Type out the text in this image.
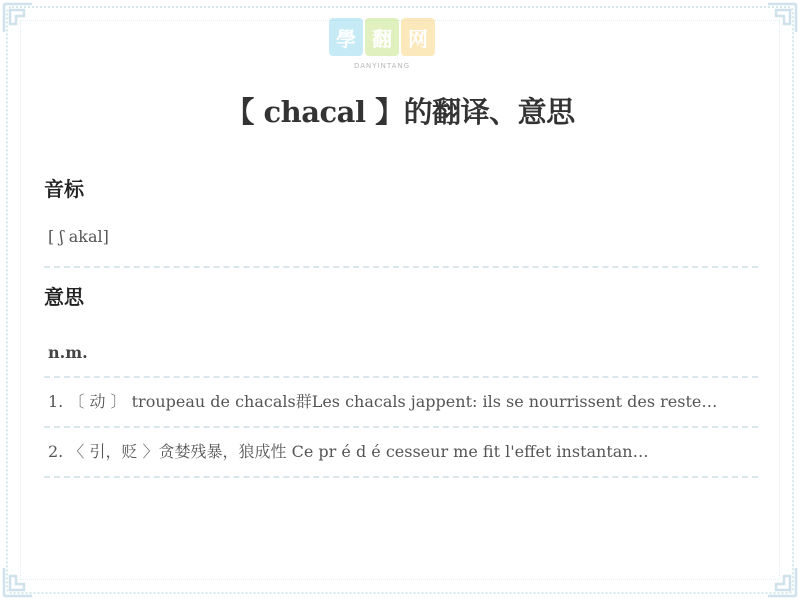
學 翻 网
DANYINTANG
【 chacal 】的翻译、意思
音标
[ ʃ akal]
意思
n.m.
1. 〔 动 〕 troupeau de chacals群Les chacals jappent: ils se nourrissent des reste…
2. 〈 引，贬 〉贪婪残暴，狼成性 Ce pr é d é cesseur me fit l'effet instantan…
